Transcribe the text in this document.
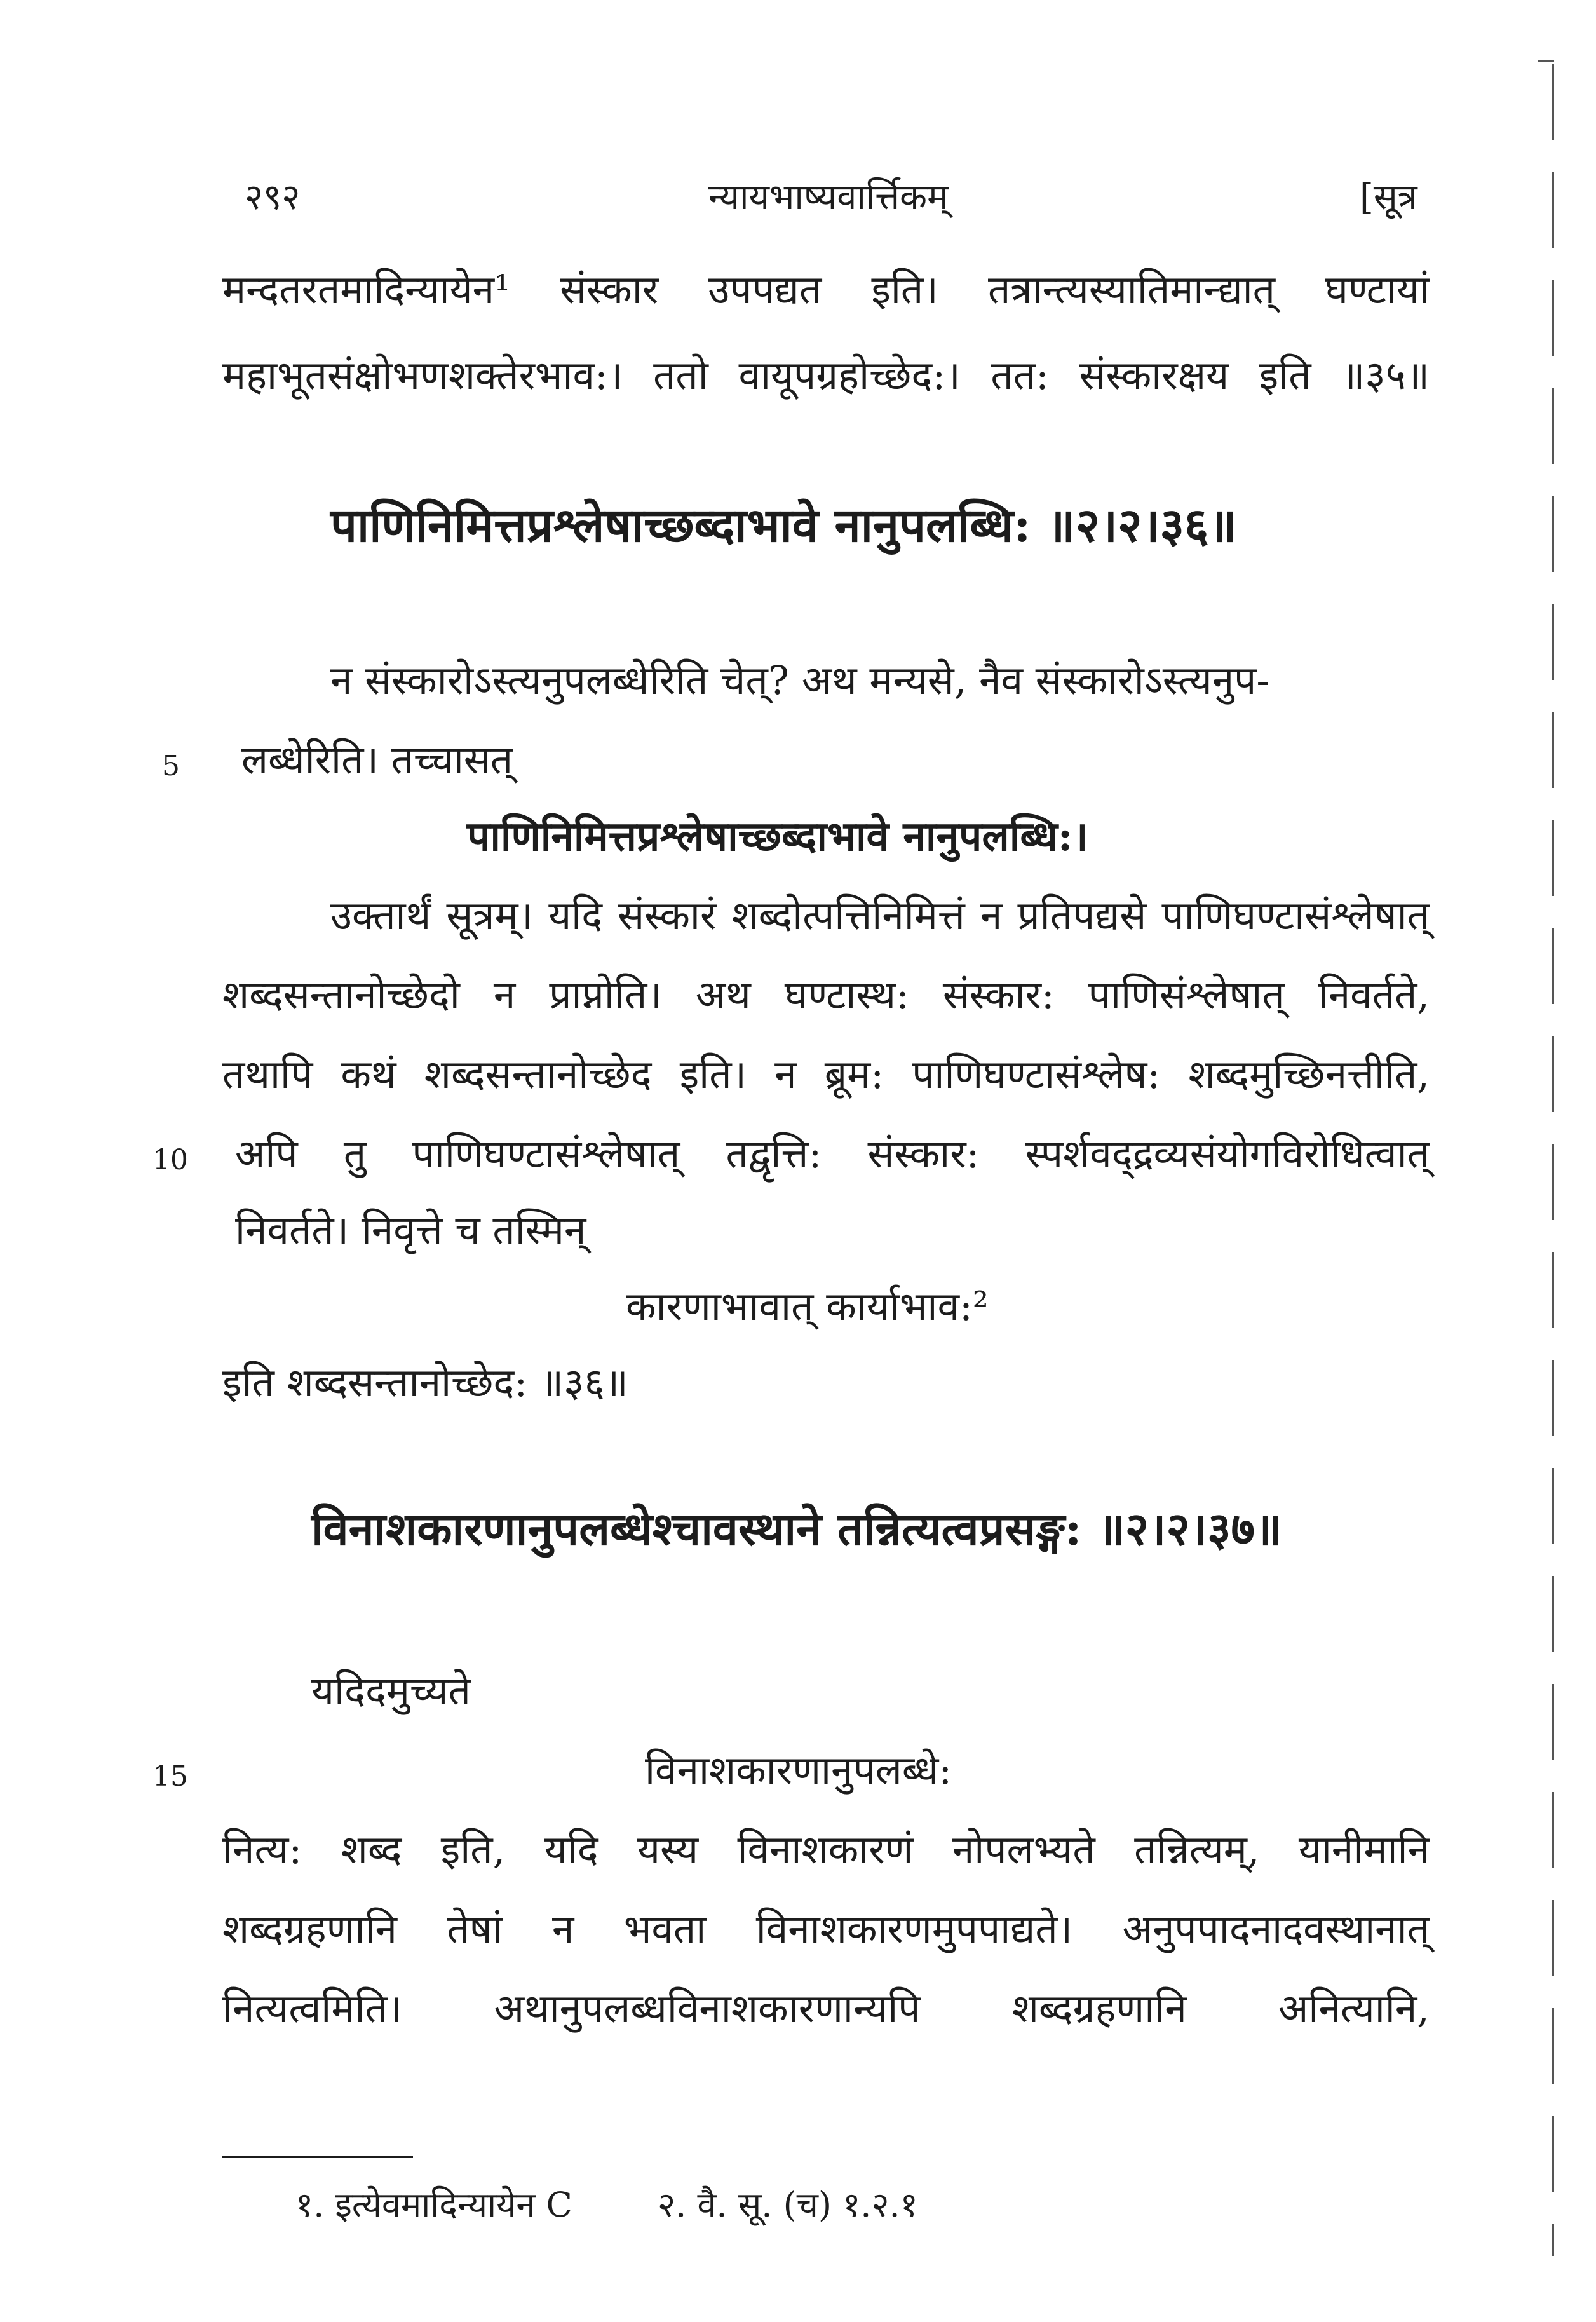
२९२	न्यायभाष्यवार्त्तिकम्	[सूत्र
मन्दतरतमादिन्यायेन¹ संस्कार उपपद्यत इति। तत्रान्त्यस्यातिमान्द्यात् घण्टायां
महाभूतसंक्षोभणशक्तेरभाव:। ततो वायूपग्रहोच्छेद:। तत: संस्कारक्षय इति ॥३५॥
पाणिनिमित्तप्रश्लेषाच्छब्दाभावे नानुपलब्धि: ॥२।२।३६॥
न संस्कारोऽस्त्यनुपलब्धेरिति चेत्? अथ मन्यसे, नैव संस्कारोऽस्त्यनुप-
5 लब्धेरिति। तच्चासत्
पाणिनिमित्तप्रश्लेषाच्छब्दाभावे नानुपलब्धि:।
उक्तार्थं सूत्रम्। यदि संस्कारं शब्दोत्पत्तिनिमित्तं न प्रतिपद्यसे पाणिघण्टासंश्लेषात्
शब्दसन्तानोच्छेदो न प्राप्नोति। अथ घण्टास्थ: संस्कार: पाणिसंश्लेषात् निवर्तते,
तथापि कथं शब्दसन्तानोच्छेद इति। न ब्रूम: पाणिघण्टासंश्लेष: शब्दमुच्छिनत्तीति,
10 अपि तु पाणिघण्टासंश्लेषात् तद्वृत्ति: संस्कार: स्पर्शवद्द्रव्यसंयोगविरोधित्वात्
निवर्तते। निवृत्ते च तस्मिन्
कारणाभावात् कार्याभाव:²
इति शब्दसन्तानोच्छेद: ॥३६॥
विनाशकारणानुपलब्धेश्चावस्थाने तन्नित्यत्वप्रसङ्ग: ॥२।२।३७॥
यदिदमुच्यते
15	विनाशकारणानुपलब्धे:
नित्य: शब्द इति, यदि यस्य विनाशकारणं नोपलभ्यते तन्नित्यम्, यानीमानि
शब्दग्रहणानि तेषां न भवता विनाशकारणमुपपाद्यते। अनुपपादनादवस्थानात्
नित्यत्वमिति। अथानुपलब्धविनाशकारणान्यपि शब्दग्रहणानि अनित्यानि,
१. इत्येवमादिन्यायेन C २. वै. सू. (च) १.२.१
